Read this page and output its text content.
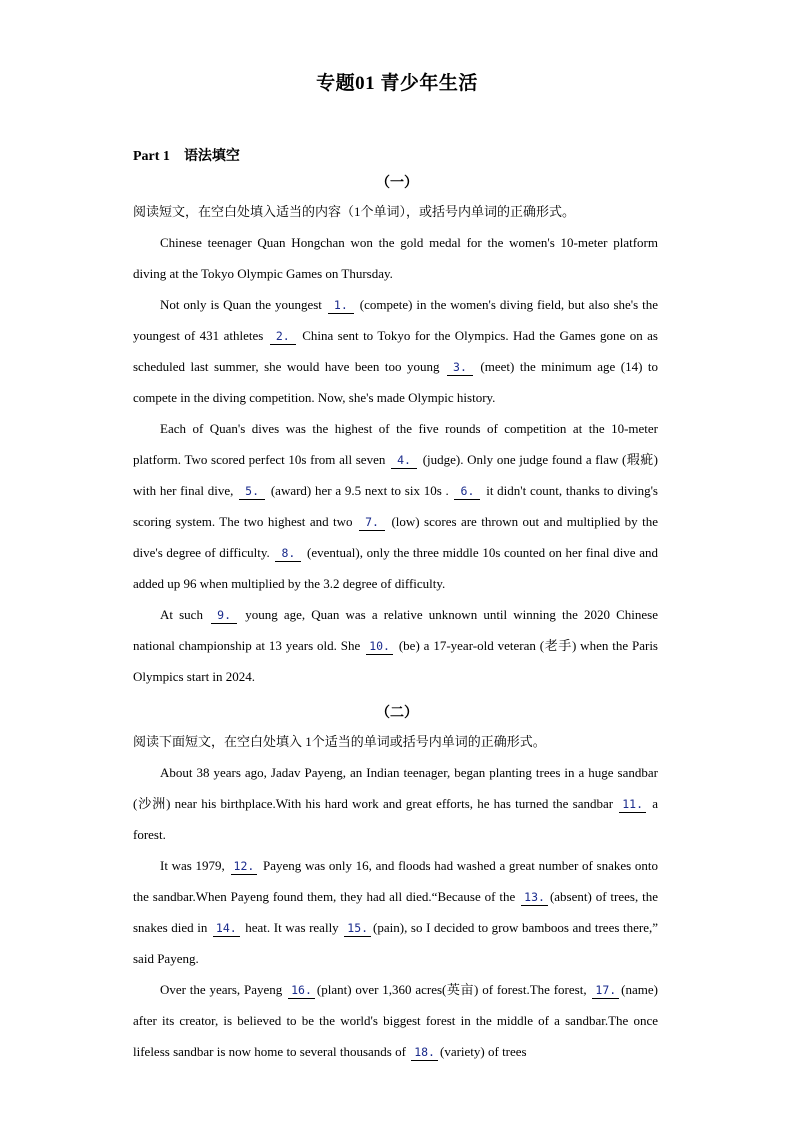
专题01 青少年生活
Part 1 语法填空
（一）

阅读短文，在空白处填入适当的内容（1个单词），或括号内单词的正确形式。

Chinese teenager Quan Hongchan won the gold medal for the women's 10-meter platform diving at the Tokyo Olympic Games on Thursday.

Not only is Quan the youngest 1. (compete) in the women's diving field, but also she's the youngest of 431 athletes 2. China sent to Tokyo for the Olympics. Had the Games gone on as scheduled last summer, she would have been too young 3. (meet) the minimum age (14) to compete in the diving competition. Now, she's made Olympic history.

Each of Quan's dives was the highest of the five rounds of competition at the 10-meter platform. Two scored perfect 10s from all seven 4. (judge). Only one judge found a flaw (瑕疵) with her final dive, 5. (award) her a 9.5 next to six 10s . 6. it didn't count, thanks to diving's scoring system. The two highest and two 7. (low) scores are thrown out and multiplied by the dive's degree of difficulty. 8. (eventual), only the three middle 10s counted on her final dive and added up 96 when multiplied by the 3.2 degree of difficulty.

At such 9. young age, Quan was a relative unknown until winning the 2020 Chinese national championship at 13 years old. She 10. (be) a 17-year-old veteran (老手) when the Paris Olympics start in 2024.

（二）

阅读下面短文，在空白处填入 1个适当的单词或括号内单词的正确形式。

About 38 years ago, Jadav Payeng, an Indian teenager, began planting trees in a huge sandbar (沙洲) near his birthplace.With his hard work and great efforts, he has turned the sandbar 11. a forest.

It was 1979, 12. Payeng was only 16, and floods had washed a great number of snakes onto the sandbar.When Payeng found them, they had all died.“Because of the 13. (absent) of trees, the snakes died in 14. heat. It was really 15. (pain), so I decided to grow bamboos and trees there,” said Payeng.

Over the years, Payeng 16. (plant) over 1,360 acres(英亩) of forest.The forest, 17. (name) after its creator, is believed to be the world's biggest forest in the middle of a sandbar.The once lifeless sandbar is now home to several thousands of 18. (variety) of trees
